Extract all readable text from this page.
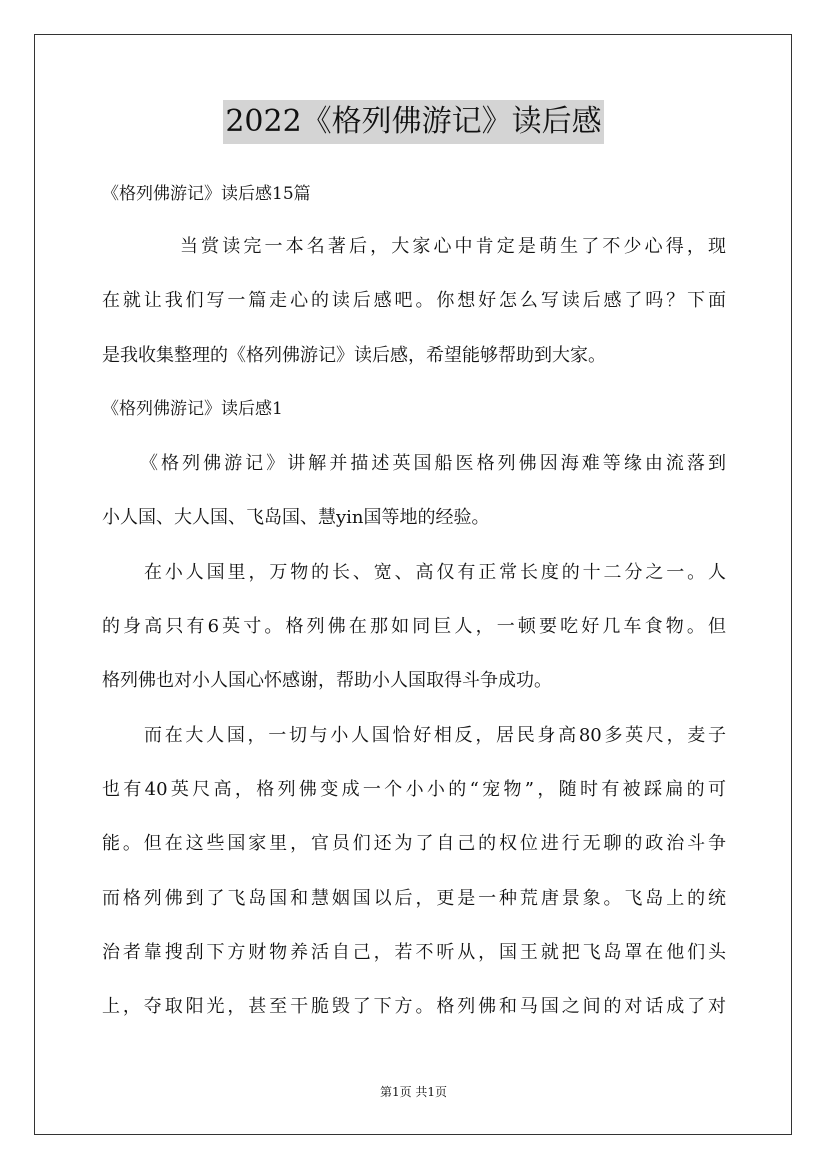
2022《格列佛游记》读后感
《格列佛游记》读后感15篇
当赏读完一本名著后，大家心中肯定是萌生了不少心得，现
在就让我们写一篇走心的读后感吧。你想好怎么写读后感了吗？下面
是我收集整理的《格列佛游记》读后感，希望能够帮助到大家。
《格列佛游记》读后感1
《格列佛游记》讲解并描述英国船医格列佛因海难等缘由流落到
小人国、大人国、飞岛国、慧yin国等地的经验。
在小人国里，万物的长、宽、高仅有正常长度的十二分之一。人
的身高只有6英寸。格列佛在那如同巨人，一顿要吃好几车食物。但
格列佛也对小人国心怀感谢，帮助小人国取得斗争成功。
而在大人国，一切与小人国恰好相反，居民身高80多英尺，麦子
也有40英尺高，格列佛变成一个小小的“宠物”，随时有被踩扁的可
能。但在这些国家里，官员们还为了自己的权位进行无聊的政治斗争
而格列佛到了飞岛国和慧姻国以后，更是一种荒唐景象。飞岛上的统
治者靠搜刮下方财物养活自己，若不听从，国王就把飞岛罩在他们头
上，夺取阳光，甚至干脆毁了下方。格列佛和马国之间的对话成了对
第1页 共1页
